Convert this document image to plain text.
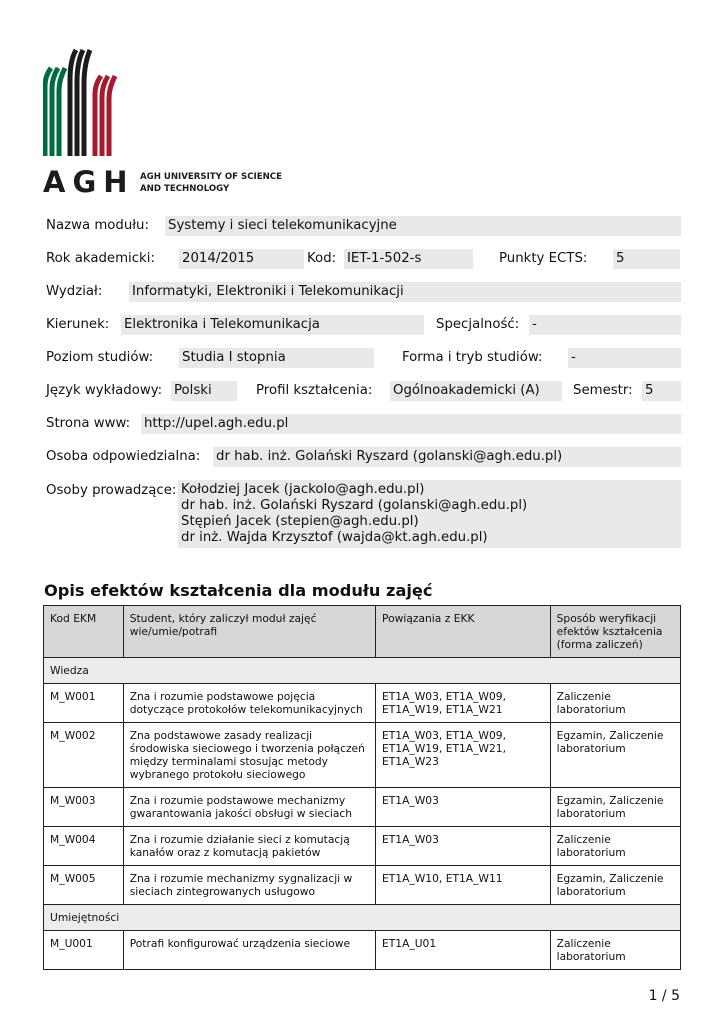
AGH AGH UNIVERSITY OF SCIENCE
AND TECHNOLOGY
Nazwa modułu: Systemy i sieci telekomunikacyjne
Rok akademicki: 2014/2015	Kod: IET-1-502-s	Punkty ECTS: 5
Wydział: Informatyki, Elektroniki i Telekomunikacji
Kierunek: Elektronika i Telekomunikacja	Specjalność: -
Poziom studiów: Studia I stopnia	Forma i tryb studiów: -
Język wykładowy: Polski	Profil kształcenia: Ogólnoakademicki (A)	Semestr: 5
Strona www: http://upel.agh.edu.pl
Osoba odpowiedzialna: dr hab. inż. Golański Ryszard (golanski@agh.edu.pl)
Osoby prowadzące: Kołodziej Jacek (jackolo@agh.edu.pl)
dr hab. inż. Golański Ryszard (golanski@agh.edu.pl)
Stępień Jacek (stepien@agh.edu.pl)
dr inż. Wajda Krzysztof (wajda@kt.agh.edu.pl)
Opis efektów kształcenia dla modułu zajęć
Kod EKM	Student, który zaliczył moduł zajęć wie/umie/potrafi	Powiązania z EKK	Sposób weryfikacji efektów kształcenia (forma zaliczeń)
Wiedza			
M_W001	Zna i rozumie podstawowe pojęcia dotyczące protokołów telekomunikacyjnych	ET1A_W03, ET1A_W09, ET1A_W19, ET1A_W21	Zaliczenie laboratorium
M_W002	Zna podstawowe zasady realizacji środowiska sieciowego i tworzenia połączeń między terminalami stosując metody wybranego protokołu sieciowego	ET1A_W03, ET1A_W09, ET1A_W19, ET1A_W21, ET1A_W23	Egzamin, Zaliczenie laboratorium
M_W003	Zna i rozumie podstawowe mechanizmy gwarantowania jakości obsługi w sieciach	ET1A_W03	Egzamin, Zaliczenie laboratorium
M_W004	Zna i rozumie działanie sieci z komutacją kanałów oraz z komutacją pakietów	ET1A_W03	Zaliczenie laboratorium
M_W005	Zna i rozumie mechanizmy sygnalizacji w sieciach zintegrowanych usługowo	ET1A_W10, ET1A_W11	Egzamin, Zaliczenie laboratorium
Umiejętności			
M_U001	Potrafi konfigurować urządzenia sieciowe	ET1A_U01	Zaliczenie laboratorium
1 / 5
